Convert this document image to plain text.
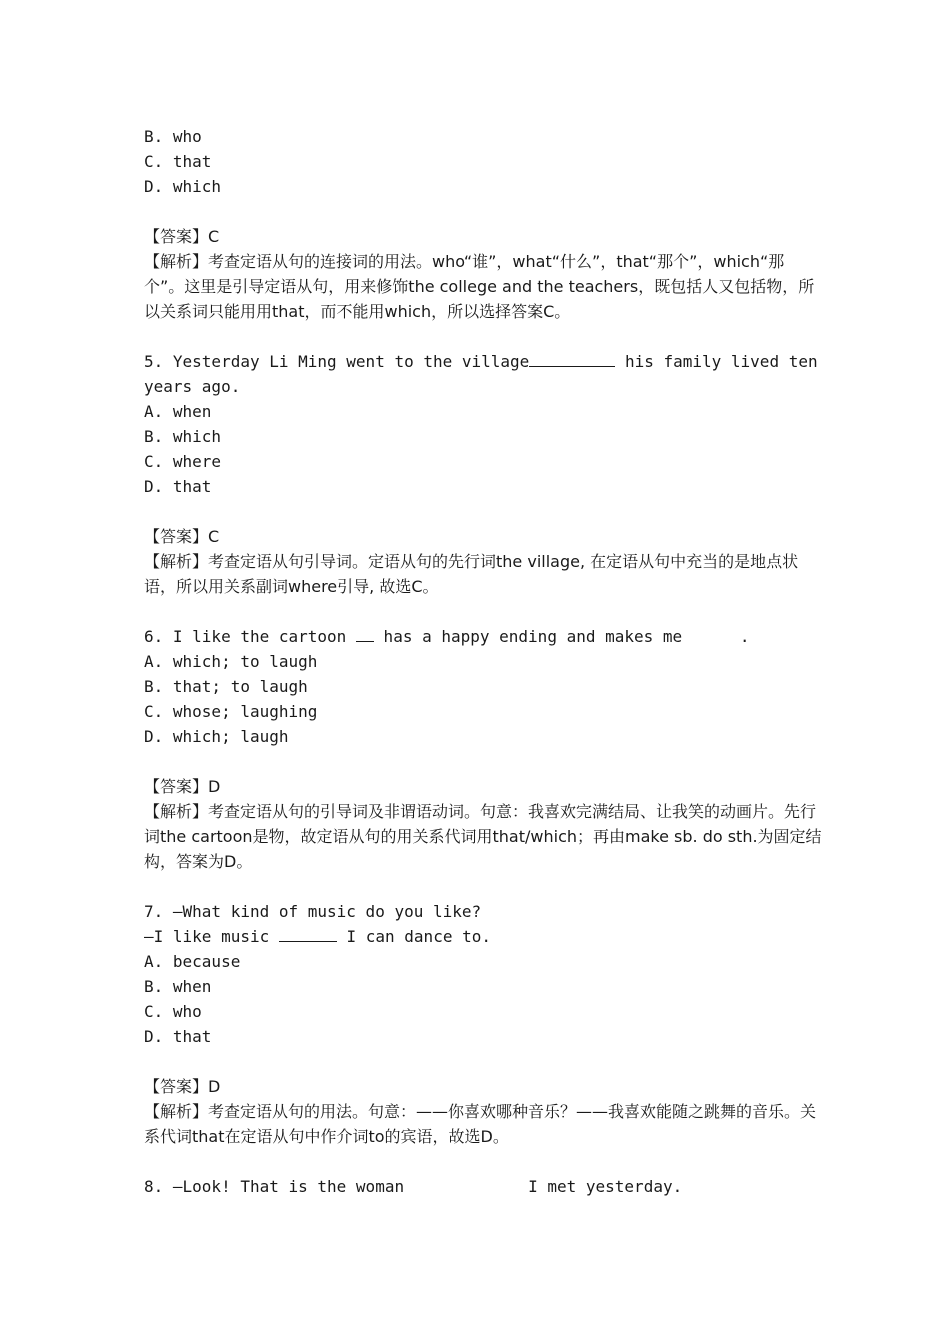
B. who
C. that
D. which
【答案】C
【解析】考查定语从句的连接词的用法。who“谁”，what“什么”，that“那个”，which“那个”。这里是引导定语从句，用来修饰the college and the teachers，既包括人又包括物，所以关系词只能用用that，而不能用which，所以选择答案C。
5. Yesterday Li Ming went to the village	his family lived ten years ago.
A. when
B. which
C. where
D. that
【答案】C
【解析】考查定语从句引导词。定语从句的先行词the village, 在定语从句中充当的是地点状语，所以用关系副词where引导, 故选C。
6. I like the cartoon  has a happy ending and makes me	.
A. which; to laugh
B. that; to laugh
C. whose; laughing
D. which; laugh
【答案】D
【解析】考查定语从句的引导词及非谓语动词。句意：我喜欢完满结局、让我笑的动画片。先行词the cartoon是物，故定语从句的用关系代词用that/which；再由make sb. do sth.为固定结构，答案为D。
7. —What kind of music do you like?
—I like music	I can dance to.
A. because
B. when
C. who
D. that
【答案】D
【解析】考查定语从句的用法。句意：——你喜欢哪种音乐？——我喜欢能随之跳舞的音乐。关系代词that在定语从句中作介词to的宾语，故选D。
8. —Look! That is the woman	I met yesterday.
